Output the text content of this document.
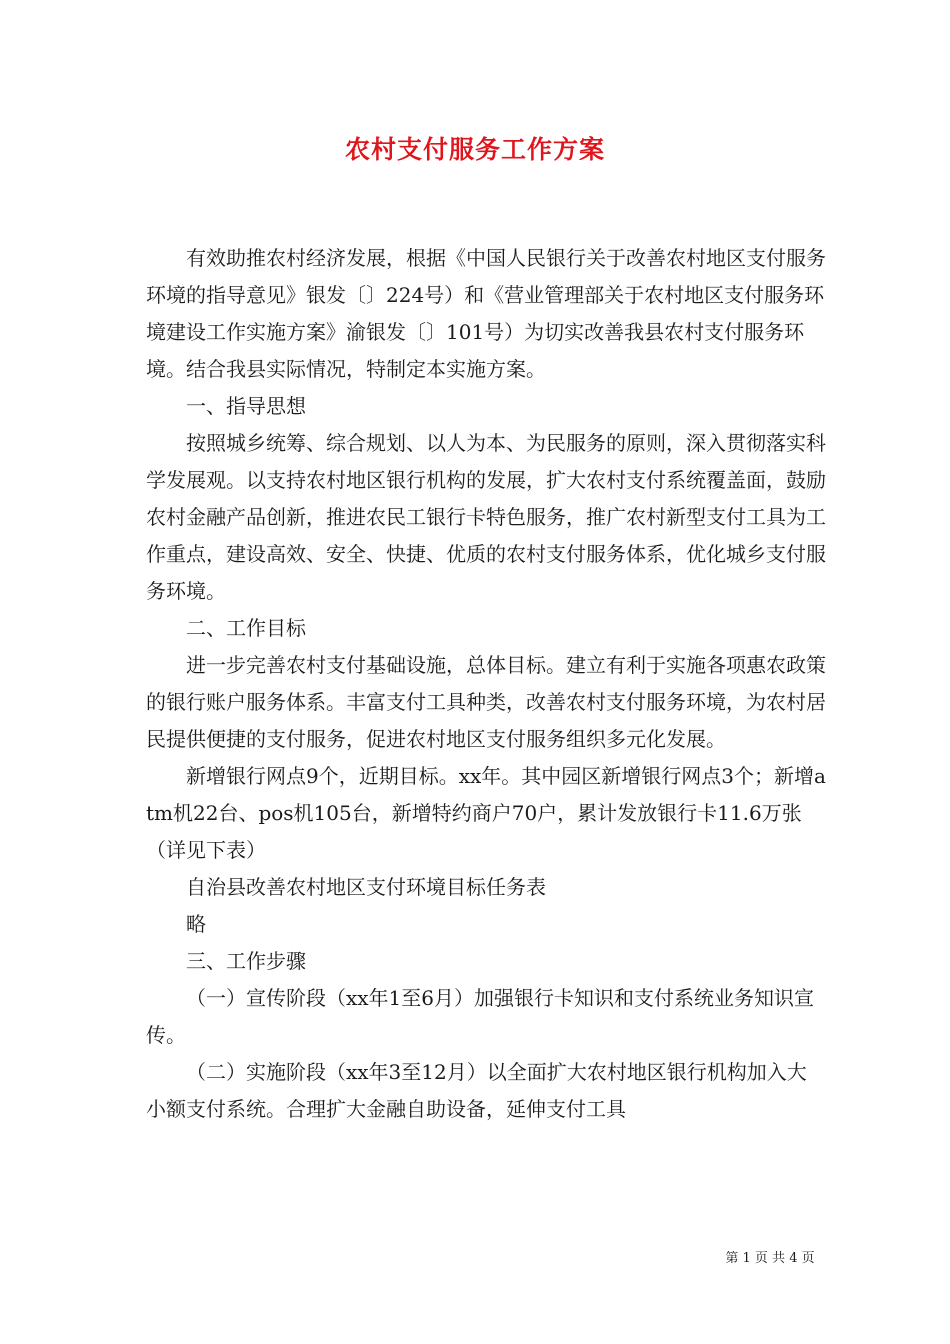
农村支付服务工作方案

有效助推农村经济发展，根据《中国人民银行关于改善农村地区支付服务环境的指导意见》银发〔〕224号）和《营业管理部关于农村地区支付服务环境建设工作实施方案》渝银发〔〕101号）为切实改善我县农村支付服务环境。结合我县实际情况，特制定本实施方案。

一、指导思想

按照城乡统筹、综合规划、以人为本、为民服务的原则，深入贯彻落实科学发展观。以支持农村地区银行机构的发展，扩大农村支付系统覆盖面，鼓励农村金融产品创新，推进农民工银行卡特色服务，推广农村新型支付工具为工作重点，建设高效、安全、快捷、优质的农村支付服务体系，优化城乡支付服务环境。

二、工作目标

进一步完善农村支付基础设施，总体目标。建立有利于实施各项惠农政策的银行账户服务体系。丰富支付工具种类，改善农村支付服务环境，为农村居民提供便捷的支付服务，促进农村地区支付服务组织多元化发展。

新增银行网点9个，近期目标。xx年。其中园区新增银行网点3个；新增atm机22台、pos机105台，新增特约商户70户，累计发放银行卡11.6万张（详见下表）

自治县改善农村地区支付环境目标任务表

略

三、工作步骤

（一）宣传阶段（xx年1至6月）加强银行卡知识和支付系统业务知识宣传。

（二）实施阶段（xx年3至12月）以全面扩大农村地区银行机构加入大小额支付系统。合理扩大金融自助设备，延伸支付工具

第 1 页 共 4 页
